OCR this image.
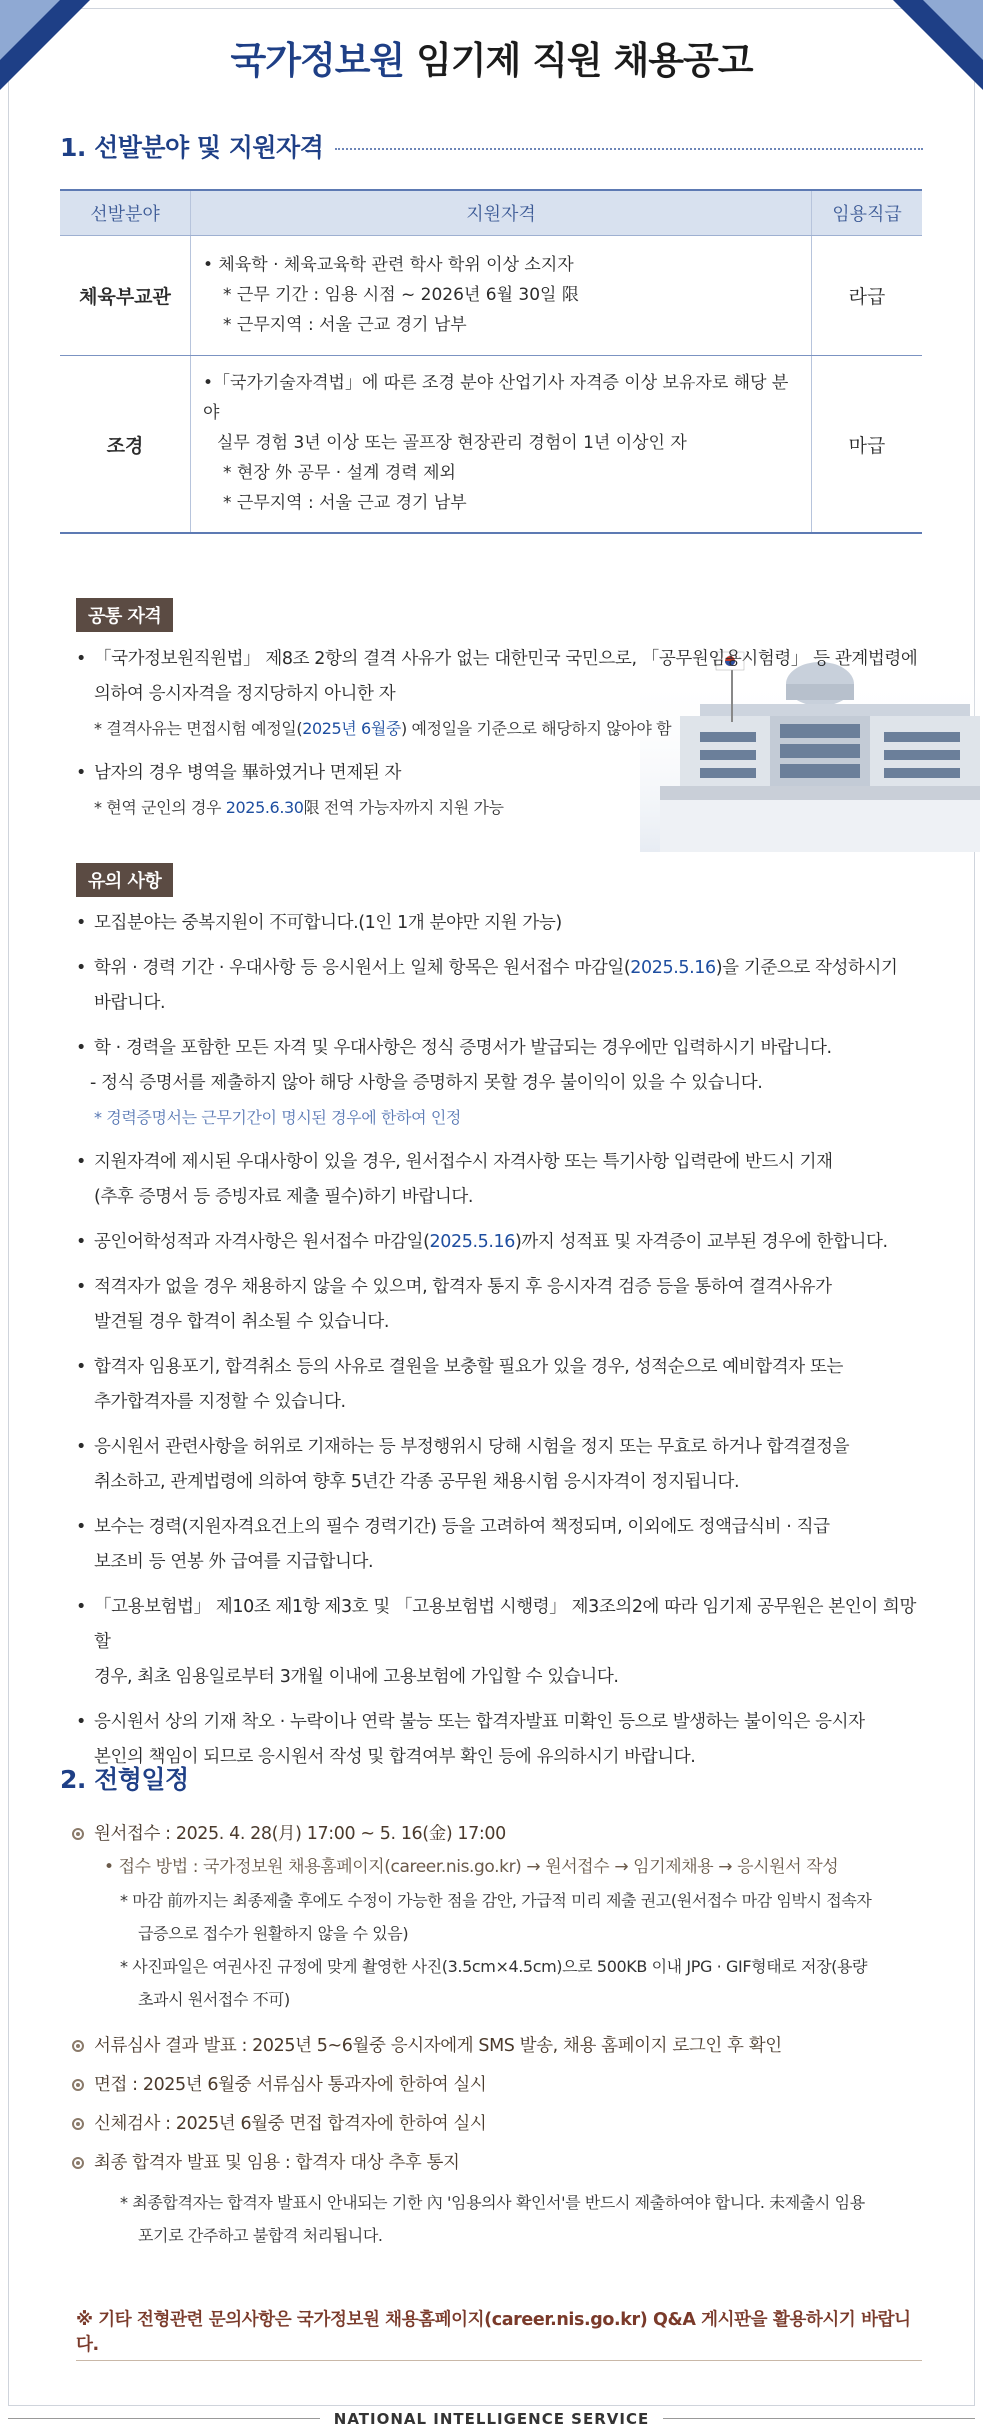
국가정보원 임기제 직원 채용공고
1. 선발분야 및 지원자격
선발분야	지원자격	임용직급
체육부교관	• 체육학 · 체육교육학 관련 학사 학위 이상 소지자
* 근무 기간 : 임용 시점 ~ 2026년 6월 30일 限
* 근무지역 : 서울 근교 경기 남부	라급
조경	•「국가기술자격법」에 따른 조경 분야 산업기사 자격증 이상 보유자로 해당 분야
실무 경험 3년 이상 또는 골프장 현장관리 경험이 1년 이상인 자
* 현장 外 공무 · 설계 경력 제외
* 근무지역 : 서울 근교 경기 남부	마급
공통 자격
• 「국가정보원직원법」 제8조 2항의 결격 사유가 없는 대한민국 국민으로, 「공무원임용시험령」 등 관계법령에

의하여 응시자격을 정지당하지 아니한 자

* 결격사유는 면접시험 예정일(2025년 6월중) 예정일을 기준으로 해당하지 않아야 함

• 남자의 경우 병역을 畢하였거나 면제된 자

* 현역 군인의 경우 2025.6.30限 전역 가능자까지 지원 가능

유의 사항
• 모집분야는 중복지원이 不可합니다.(1인 1개 분야만 지원 가능)
• 학위 · 경력 기간 · 우대사항 등 응시원서上 일체 항목은 원서접수 마감일(2025.5.16)을 기준으로 작성하시기

바랍니다.

• 학 · 경력을 포함한 모든 자격 및 우대사항은 정식 증명서가 발급되는 경우에만 입력하시기 바랍니다.

- 정식 증명서를 제출하지 않아 해당 사항을 증명하지 못할 경우 불이익이 있을 수 있습니다.

* 경력증명서는 근무기간이 명시된 경우에 한하여 인정

• 지원자격에 제시된 우대사항이 있을 경우, 원서접수시 자격사항 또는 특기사항 입력란에 반드시 기재

(추후 증명서 등 증빙자료 제출 필수)하기 바랍니다.

• 공인어학성적과 자격사항은 원서접수 마감일(2025.5.16)까지 성적표 및 자격증이 교부된 경우에 한합니다.
• 적격자가 없을 경우 채용하지 않을 수 있으며, 합격자 통지 후 응시자격 검증 등을 통하여 결격사유가

발견될 경우 합격이 취소될 수 있습니다.

• 합격자 임용포기, 합격취소 등의 사유로 결원을 보충할 필요가 있을 경우, 성적순으로 예비합격자 또는

추가합격자를 지정할 수 있습니다.

• 응시원서 관련사항을 허위로 기재하는 등 부정행위시 당해 시험을 정지 또는 무효로 하거나 합격결정을

취소하고, 관계법령에 의하여 향후 5년간 각종 공무원 채용시험 응시자격이 정지됩니다.

• 보수는 경력(지원자격요건上의 필수 경력기간) 등을 고려하여 책정되며, 이외에도 정액급식비 · 직급

보조비 등 연봉 外 급여를 지급합니다.

• 「고용보험법」 제10조 제1항 제3호 및 「고용보험법 시행령」 제3조의2에 따라 임기제 공무원은 본인이 희망할

경우, 최초 임용일로부터 3개월 이내에 고용보험에 가입할 수 있습니다.

• 응시원서 상의 기재 착오 · 누락이나 연락 불능 또는 합격자발표 미확인 등으로 발생하는 불이익은 응시자

본인의 책임이 되므로 응시원서 작성 및 합격여부 확인 등에 유의하시기 바랍니다.

2. 전형일정

원서접수 : 2025. 4. 28(月) 17:00 ~ 5. 16(金) 17:00

• 접수 방법 : 국가정보원 채용홈페이지(career.nis.go.kr) → 원서접수 → 임기제채용 → 응시원서 작성

* 마감 前까지는 최종제출 후에도 수정이 가능한 점을 감안, 가급적 미리 제출 권고(원서접수 마감 임박시 접속자

급증으로 접수가 원활하지 않을 수 있음)

* 사진파일은 여권사진 규정에 맞게 촬영한 사진(3.5cm×4.5cm)으로 500KB 이내 JPG · GIF형태로 저장(용량

초과시 원서접수 不可)

서류심사 결과 발표 : 2025년 5~6월중 응시자에게 SMS 발송, 채용 홈페이지 로그인 후 확인

면접 : 2025년 6월중 서류심사 통과자에 한하여 실시

신체검사 : 2025년 6월중 면접 합격자에 한하여 실시

최종 합격자 발표 및 임용 : 합격자 대상 추후 통지

* 최종합격자는 합격자 발표시 안내되는 기한 內 '임용의사 확인서'를 반드시 제출하여야 합니다. 未제출시 임용

포기로 간주하고 불합격 처리됩니다.

※ 기타 전형관련 문의사항은 국가정보원 채용홈페이지(career.nis.go.kr) Q&A 게시판을 활용하시기 바랍니다.
NATIONAL INTELLIGENCE SERVICE
